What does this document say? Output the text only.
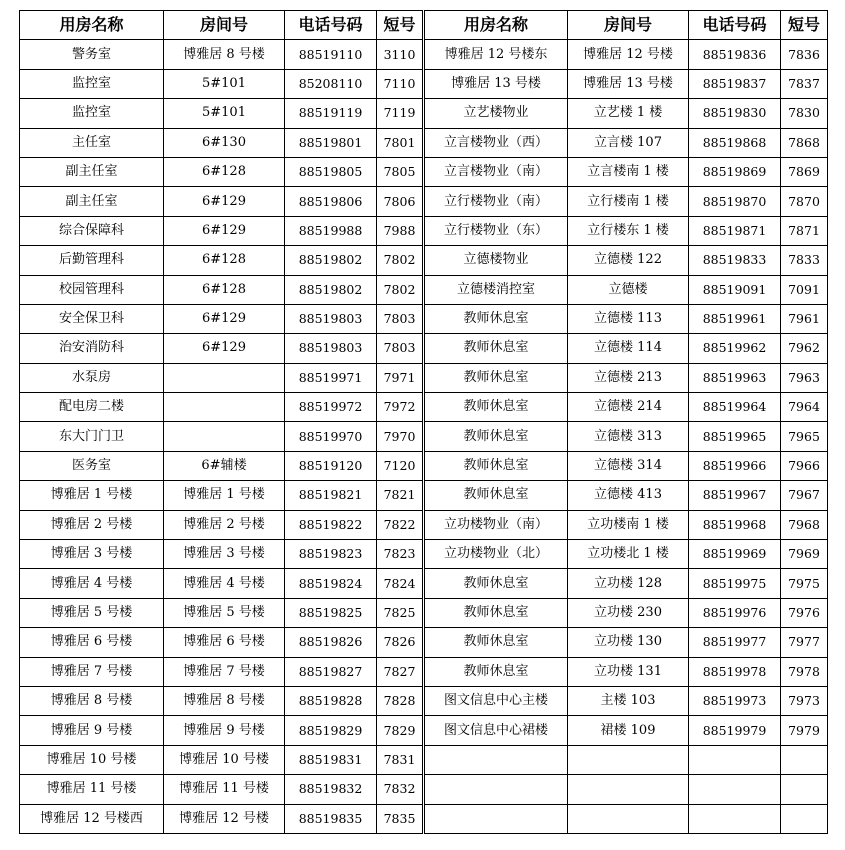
用房名称	房间号	电话号码	短号	用房名称	房间号	电话号码	短号
警务室	博雅居 8 号楼	88519110	3110	博雅居 12 号楼东	博雅居 12 号楼	88519836	7836
监控室	5#101	85208110	7110	博雅居 13 号楼	博雅居 13 号楼	88519837	7837
监控室	5#101	88519119	7119	立艺楼物业	立艺楼 1 楼	88519830	7830
主任室	6#130	88519801	7801	立言楼物业（西）	立言楼 107	88519868	7868
副主任室	6#128	88519805	7805	立言楼物业（南）	立言楼南 1 楼	88519869	7869
副主任室	6#129	88519806	7806	立行楼物业（南）	立行楼南 1 楼	88519870	7870
综合保障科	6#129	88519988	7988	立行楼物业（东）	立行楼东 1 楼	88519871	7871
后勤管理科	6#128	88519802	7802	立德楼物业	立德楼 122	88519833	7833
校园管理科	6#128	88519802	7802	立德楼消控室	立德楼	88519091	7091
安全保卫科	6#129	88519803	7803	教师休息室	立德楼 113	88519961	7961
治安消防科	6#129	88519803	7803	教师休息室	立德楼 114	88519962	7962
水泵房		88519971	7971	教师休息室	立德楼 213	88519963	7963
配电房二楼		88519972	7972	教师休息室	立德楼 214	88519964	7964
东大门门卫		88519970	7970	教师休息室	立德楼 313	88519965	7965
医务室	6#辅楼	88519120	7120	教师休息室	立德楼 314	88519966	7966
博雅居 1 号楼	博雅居 1 号楼	88519821	7821	教师休息室	立德楼 413	88519967	7967
博雅居 2 号楼	博雅居 2 号楼	88519822	7822	立功楼物业（南）	立功楼南 1 楼	88519968	7968
博雅居 3 号楼	博雅居 3 号楼	88519823	7823	立功楼物业（北）	立功楼北 1 楼	88519969	7969
博雅居 4 号楼	博雅居 4 号楼	88519824	7824	教师休息室	立功楼 128	88519975	7975
博雅居 5 号楼	博雅居 5 号楼	88519825	7825	教师休息室	立功楼 230	88519976	7976
博雅居 6 号楼	博雅居 6 号楼	88519826	7826	教师休息室	立功楼 130	88519977	7977
博雅居 7 号楼	博雅居 7 号楼	88519827	7827	教师休息室	立功楼 131	88519978	7978
博雅居 8 号楼	博雅居 8 号楼	88519828	7828	图文信息中心主楼	主楼 103	88519973	7973
博雅居 9 号楼	博雅居 9 号楼	88519829	7829	图文信息中心裙楼	裙楼 109	88519979	7979
博雅居 10 号楼	博雅居 10 号楼	88519831	7831				
博雅居 11 号楼	博雅居 11 号楼	88519832	7832				
博雅居 12 号楼西	博雅居 12 号楼	88519835	7835				
